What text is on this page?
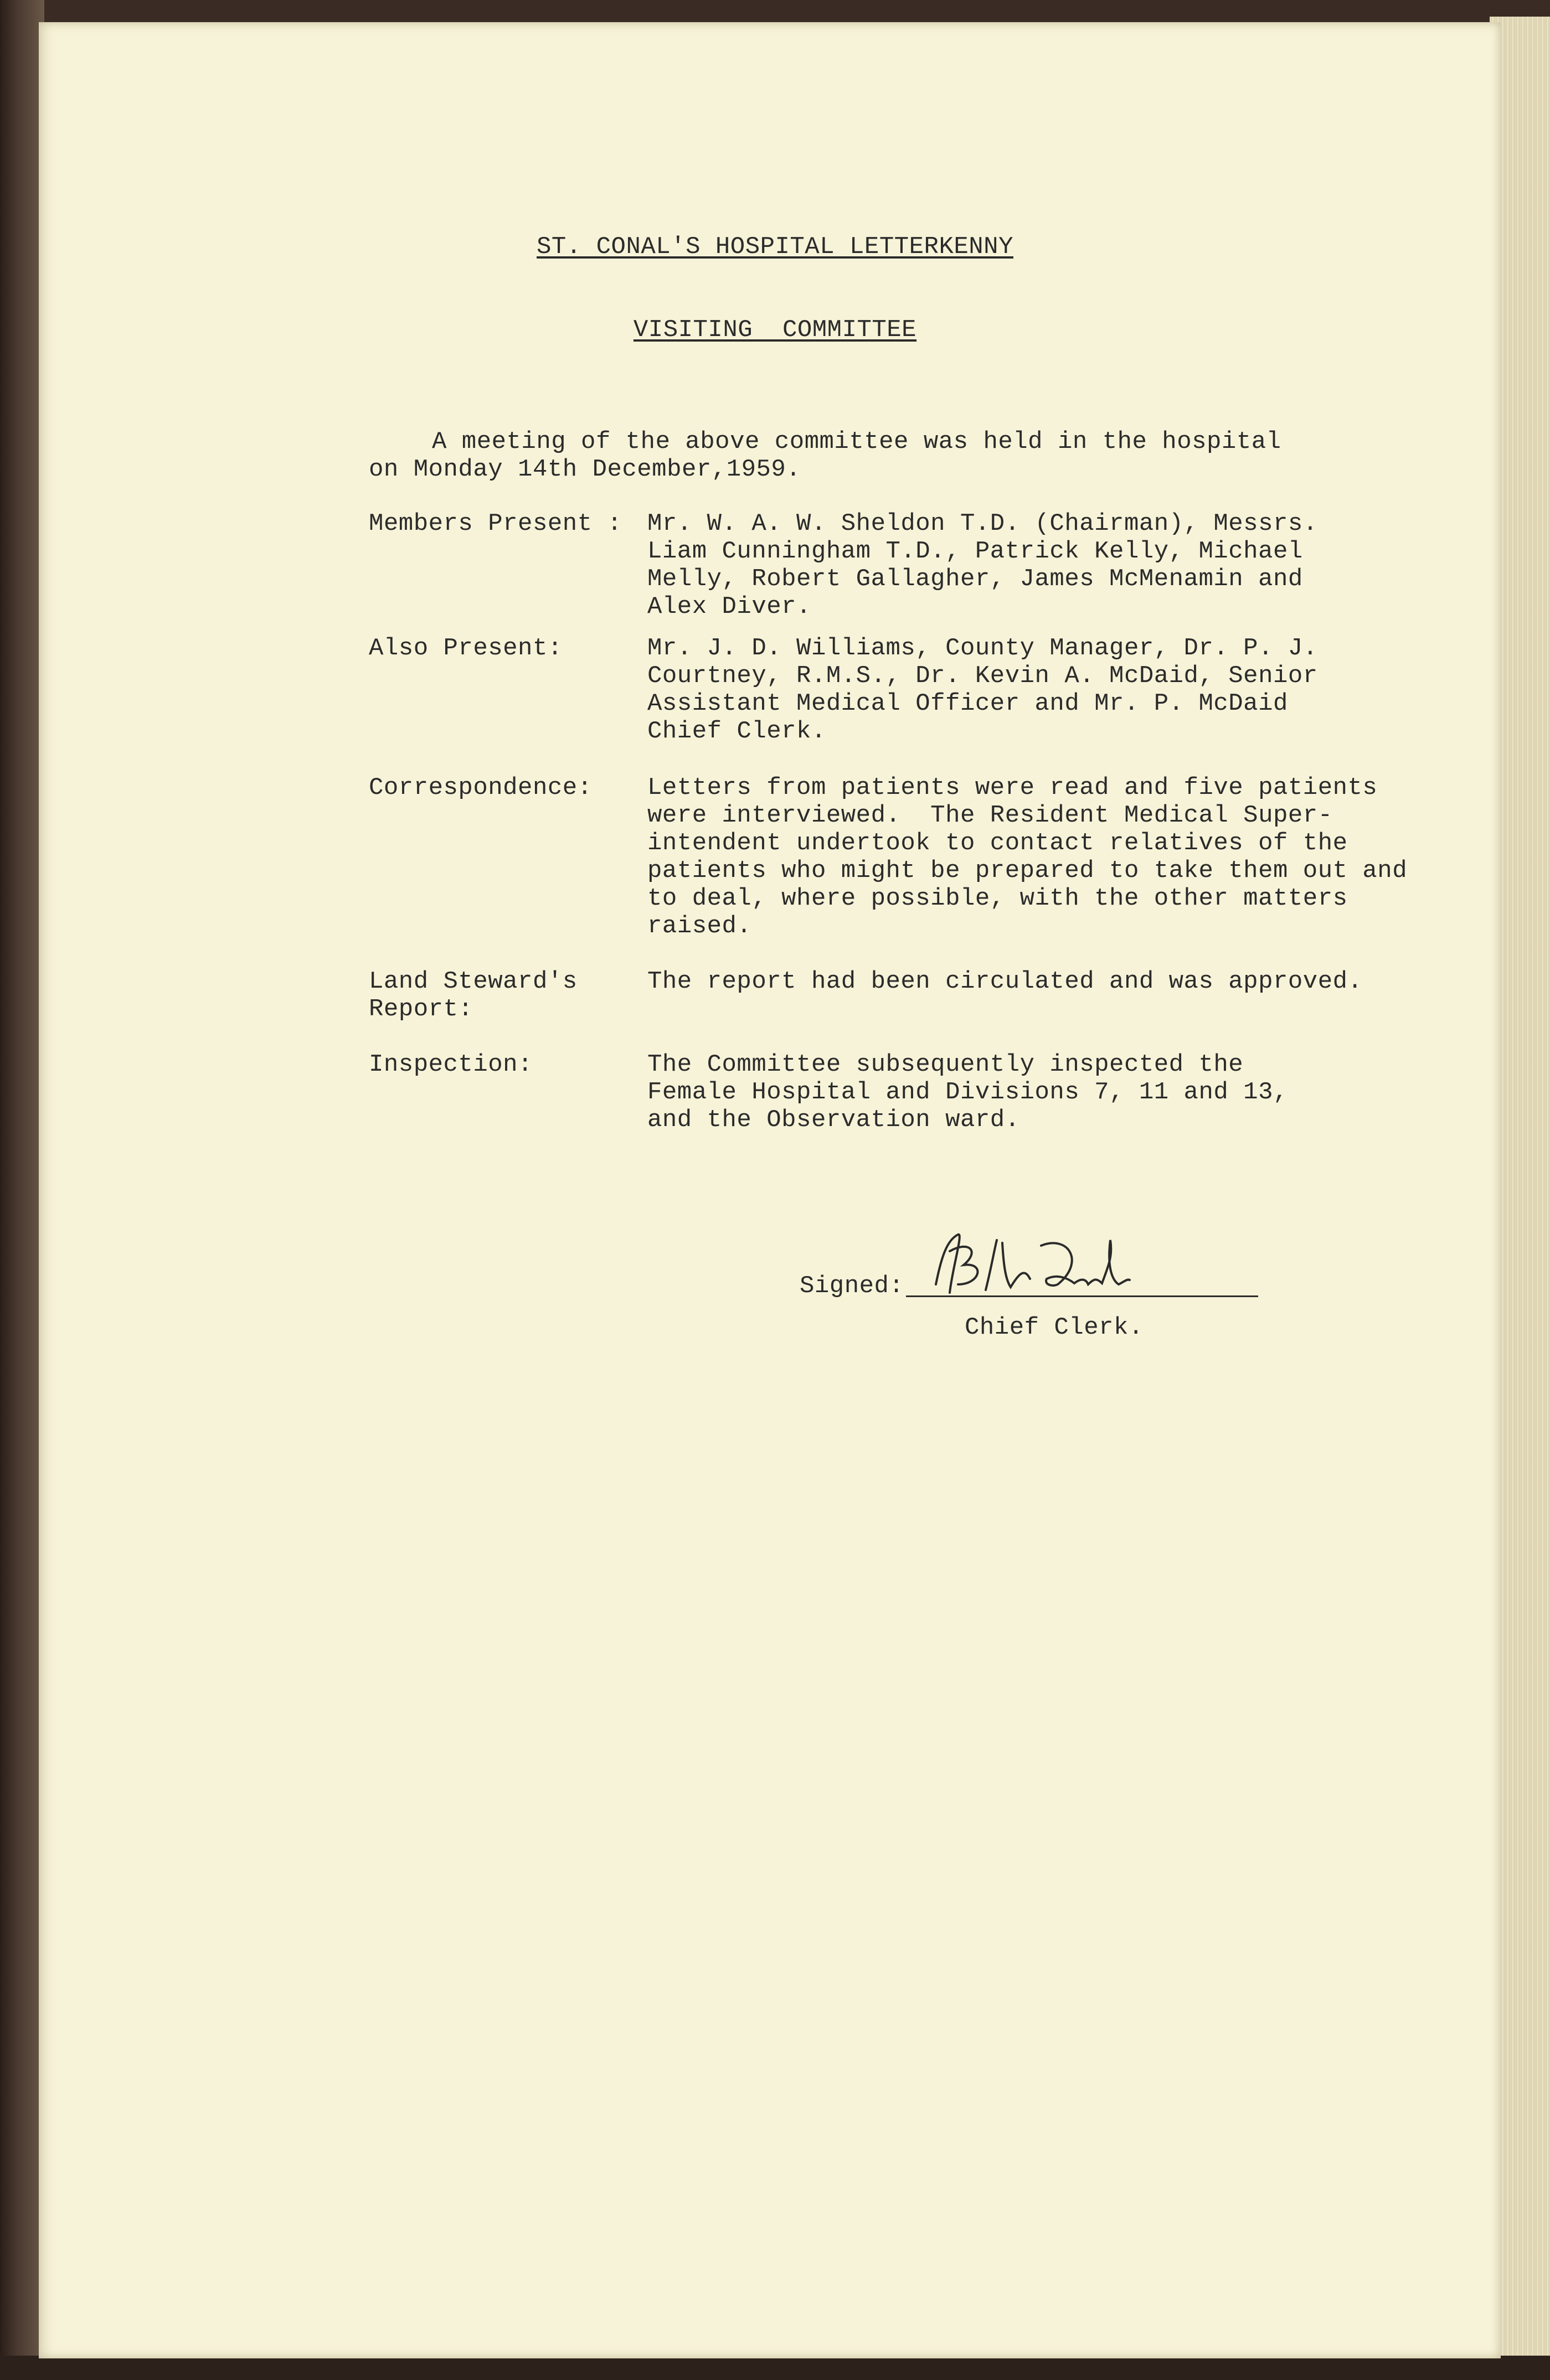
ST. CONAL'S HOSPITAL LETTERKENNY
VISITING  COMMITTEE
A meeting of the above committee was held in the hospital
on Monday 14th December,1959.
Members Present : Mr. W. A. W. Sheldon T.D. (Chairman), Messrs.
Liam Cunningham T.D., Patrick Kelly, Michael
Melly, Robert Gallagher, James McMenamin and
Alex Diver.
Also Present:	Mr. J. D. Williams, County Manager, Dr. P. J.
Courtney, R.M.S., Dr. Kevin A. McDaid, Senior
Assistant Medical Officer and Mr. P. McDaid
Chief Clerk.
Correspondence: Letters from patients were read and five patients
were interviewed.  The Resident Medical Super-
intendent undertook to contact relatives of the
patients who might be prepared to take them out and
to deal, where possible, with the other matters
raised.
Land Steward's
Report:
The report had been circulated and was approved.
Inspection:	The Committee subsequently inspected the
Female Hospital and Divisions 7, 11 and 13,
and the Observation ward.
Signed:
Chief Clerk.
